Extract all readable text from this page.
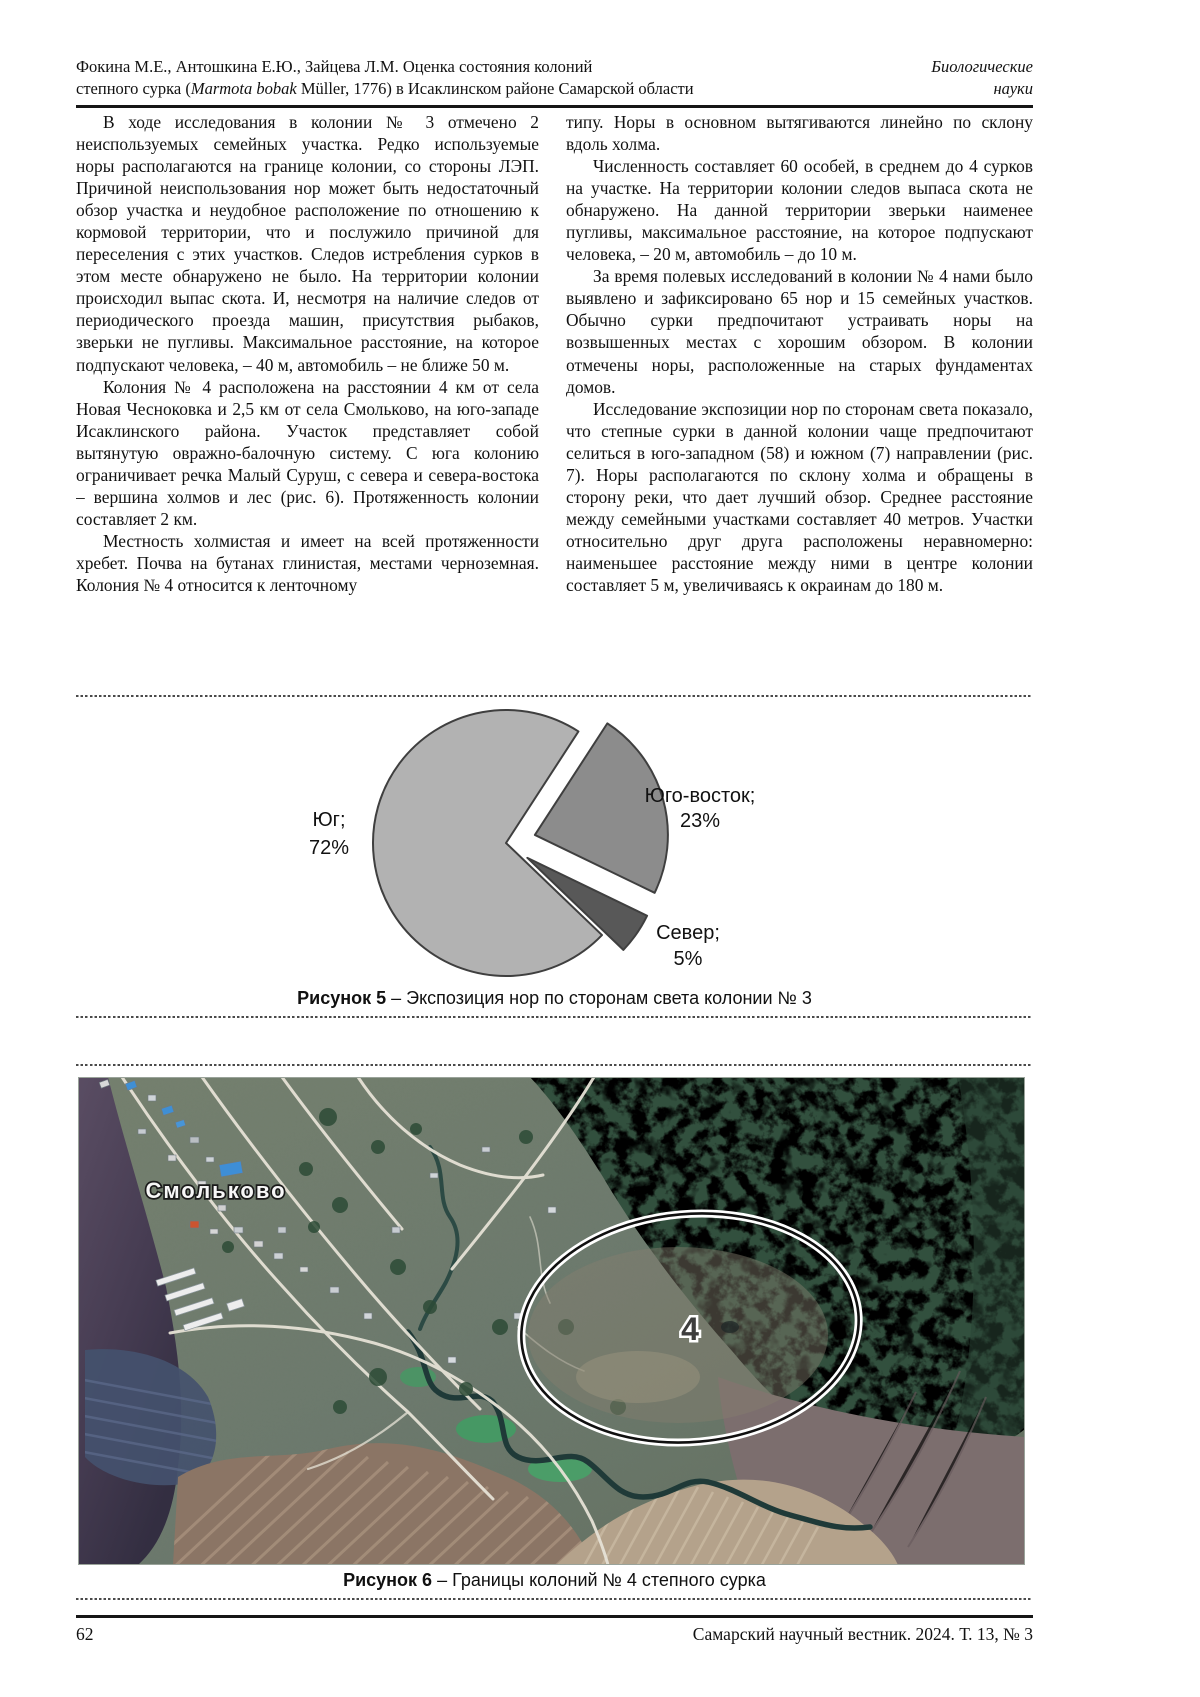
Фокина М.Е., Антошкина Е.Ю., Зайцева Л.М. Оценка состояния колоний	Биологические
степного сурка (Marmota bobak Müller, 1776) в Исаклинском районе Самарской области	науки

В ходе исследования в колонии № 3 отмечено 2 неиспользуемых семейных участка. Редко используемые норы располагаются на границе колонии, со стороны ЛЭП. Причиной неиспользования нор может быть недостаточный обзор участка и неудобное расположение по отношению к кормовой территории, что и послужило причиной для переселения с этих участков. Следов истребления сурков в этом месте обнаружено не было. На территории колонии происходил выпас скота. И, несмотря на наличие следов от периодического проезда машин, присутствия рыбаков, зверьки не пугливы. Максимальное расстояние, на которое подпускают человека, – 40 м, автомобиль – не ближе 50 м.

Колония № 4 расположена на расстоянии 4 км от села Новая Чесноковка и 2,5 км от села Смольково, на юго-западе Исаклинского района. Участок представляет собой вытянутую овражно-балочную систему. С юга колонию ограничивает речка Малый Суруш, с севера и севера-востока – вершина холмов и лес (рис. 6). Протяженность колонии составляет 2 км.

Местность холмистая и имеет на всей протяженности хребет. Почва на бутанах глинистая, местами черноземная. Колония № 4 относится к ленточному

типу. Норы в основном вытягиваются линейно по склону вдоль холма.

Численность составляет 60 особей, в среднем до 4 сурков на участке. На территории колонии следов выпаса скота не обнаружено. На данной территории зверьки наименее пугливы, максимальное расстояние, на которое подпускают человека, – 20 м, автомобиль – до 10 м.

За время полевых исследований в колонии № 4 нами было выявлено и зафиксировано 65 нор и 15 семейных участков. Обычно сурки предпочитают устраивать норы на возвышенных местах с хорошим обзором. В колонии отмечены норы, расположенные на старых фундаментах домов.

Исследование экспозиции нор по сторонам света показало, что степные сурки в данной колонии чаще предпочитают селиться в юго-западном (58) и южном (7) направлении (рис. 7). Норы располагаются по склону холма и обращены в сторону реки, что дает лучший обзор. Среднее расстояние между семейными участками составляет 40 метров. Участки относительно друг друга расположены неравномерно: наименьшее расстояние между ними в центре колонии составляет 5 м, увеличиваясь к окраинам до 180 м.

Юг;
72%
Юго-восток;
23%
Север;
5%
Рисунок 5 – Экспозиция нор по сторонам света колонии № 3
4
Смольково
Рисунок 6 – Границы колоний № 4 степного сурка
62	Самарский научный вестник. 2024. Т. 13, № 3
